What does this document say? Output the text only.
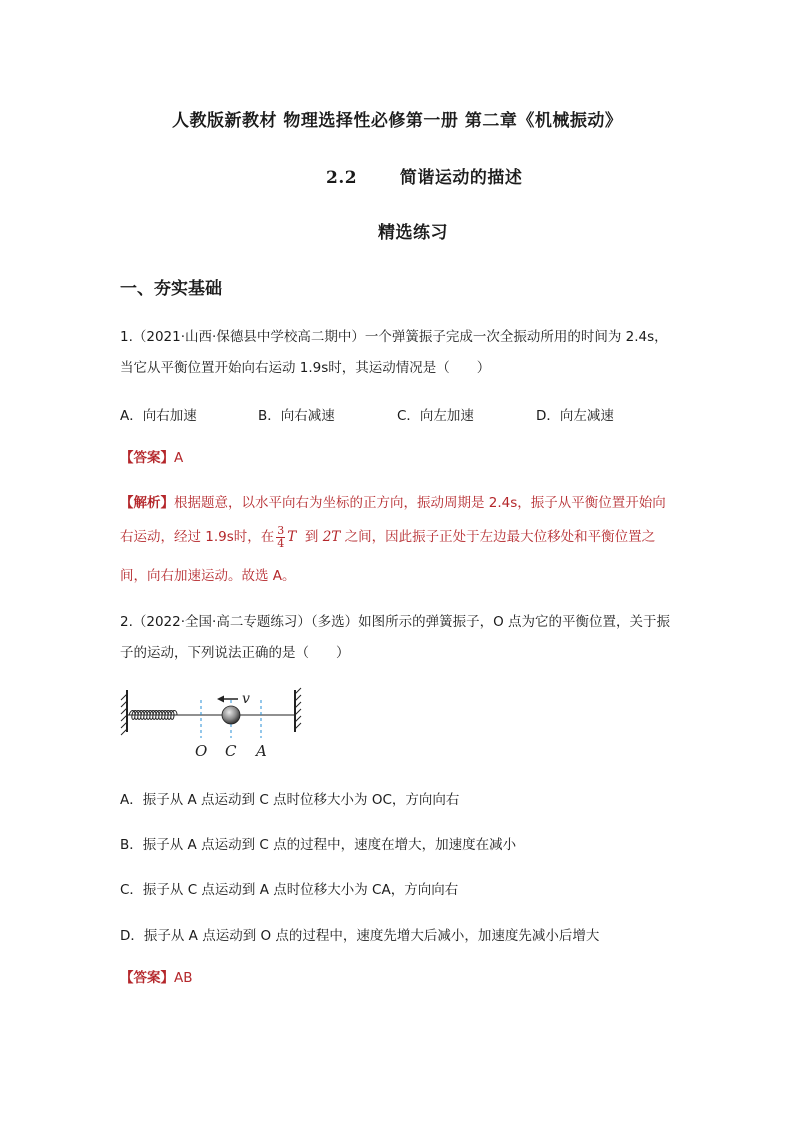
人教版新教材 物理选择性必修第一册 第二章《机械振动》
2.2	简谐运动的描述
精选练习
一、夯实基础
1.（2021·山西·保德县中学校高二期中）一个弹簧振子完成一次全振动所用的时间为 2.4s，
当它从平衡位置开始向右运动 1.9s时，其运动情况是（　　）
A．向右加速	B．向右减速	C．向左加速	D．向左减速
【答案】A
【解析】根据题意，以水平向右为坐标的正方向，振动周期是 2.4s，振子从平衡位置开始向
右运动，经过 1.9s时，在 $\frac{3}{4}$ T 到 2T 之间，因此振子正处于左边最大位移处和平衡位置之
间，向右加速运动。故选 A。
2.（2022·全国·高二专题练习）（多选）如图所示的弹簧振子，O 点为它的平衡位置，关于振
子的运动，下列说法正确的是（　　）
v
O C A
A．振子从 A 点运动到 C 点时位移大小为 OC，方向向右
B．振子从 A 点运动到 C 点的过程中，速度在增大，加速度在减小
C．振子从 C 点运动到 A 点时位移大小为 CA，方向向右
D．振子从 A 点运动到 O 点的过程中，速度先增大后减小，加速度先减小后增大
【答案】AB
